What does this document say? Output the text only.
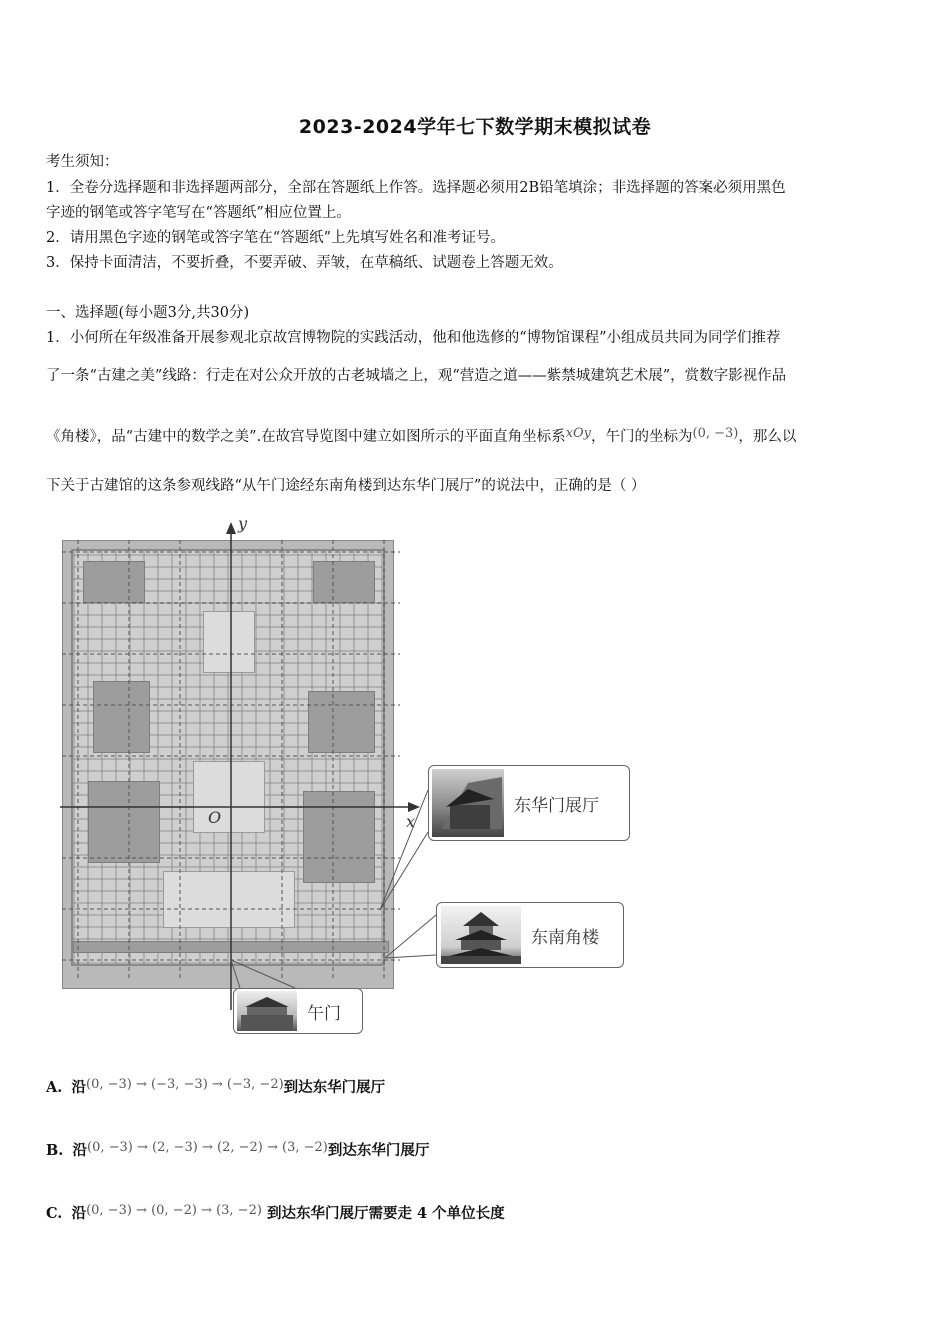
2023-2024学年七下数学期末模拟试卷
考生须知：
1．全卷分选择题和非选择题两部分，全部在答题纸上作答。选择题必须用2B铅笔填涂；非选择题的答案必须用黑色
字迹的钢笔或答字笔写在“答题纸”相应位置上。
2．请用黑色字迹的钢笔或答字笔在“答题纸”上先填写姓名和准考证号。
3．保持卡面清洁，不要折叠，不要弄破、弄皱，在草稿纸、试题卷上答题无效。
一、选择题(每小题3分,共30分)
1．小何所在年级准备开展参观北京故宫博物院的实践活动，他和他选修的“博物馆课程”小组成员共同为同学们推荐
了一条“古建之美”线路：行走在对公众开放的古老城墙之上，观“营造之道——紫禁城建筑艺术展”，赏数字影视作品
《角楼》，品“古建中的数学之美”.在故宫导览图中建立如图所示的平面直角坐标系xOy，午门的坐标为(0, −3)，那么以
下关于古建馆的这条参观线路“从午门途经东南角楼到达东华门展厅”的说法中，正确的是（ ）
y
x
O
东华门展厅
东南角楼
午门
A. 沿(0, −3) → (−3, −3) → (−3, −2)到达东华门展厅
B. 沿(0, −3) → (2, −3) → (2, −2) → (3, −2)到达东华门展厅
C. 沿(0, −3) → (0, −2) → (3, −2) 到达东华门展厅需要走 4 个单位长度
